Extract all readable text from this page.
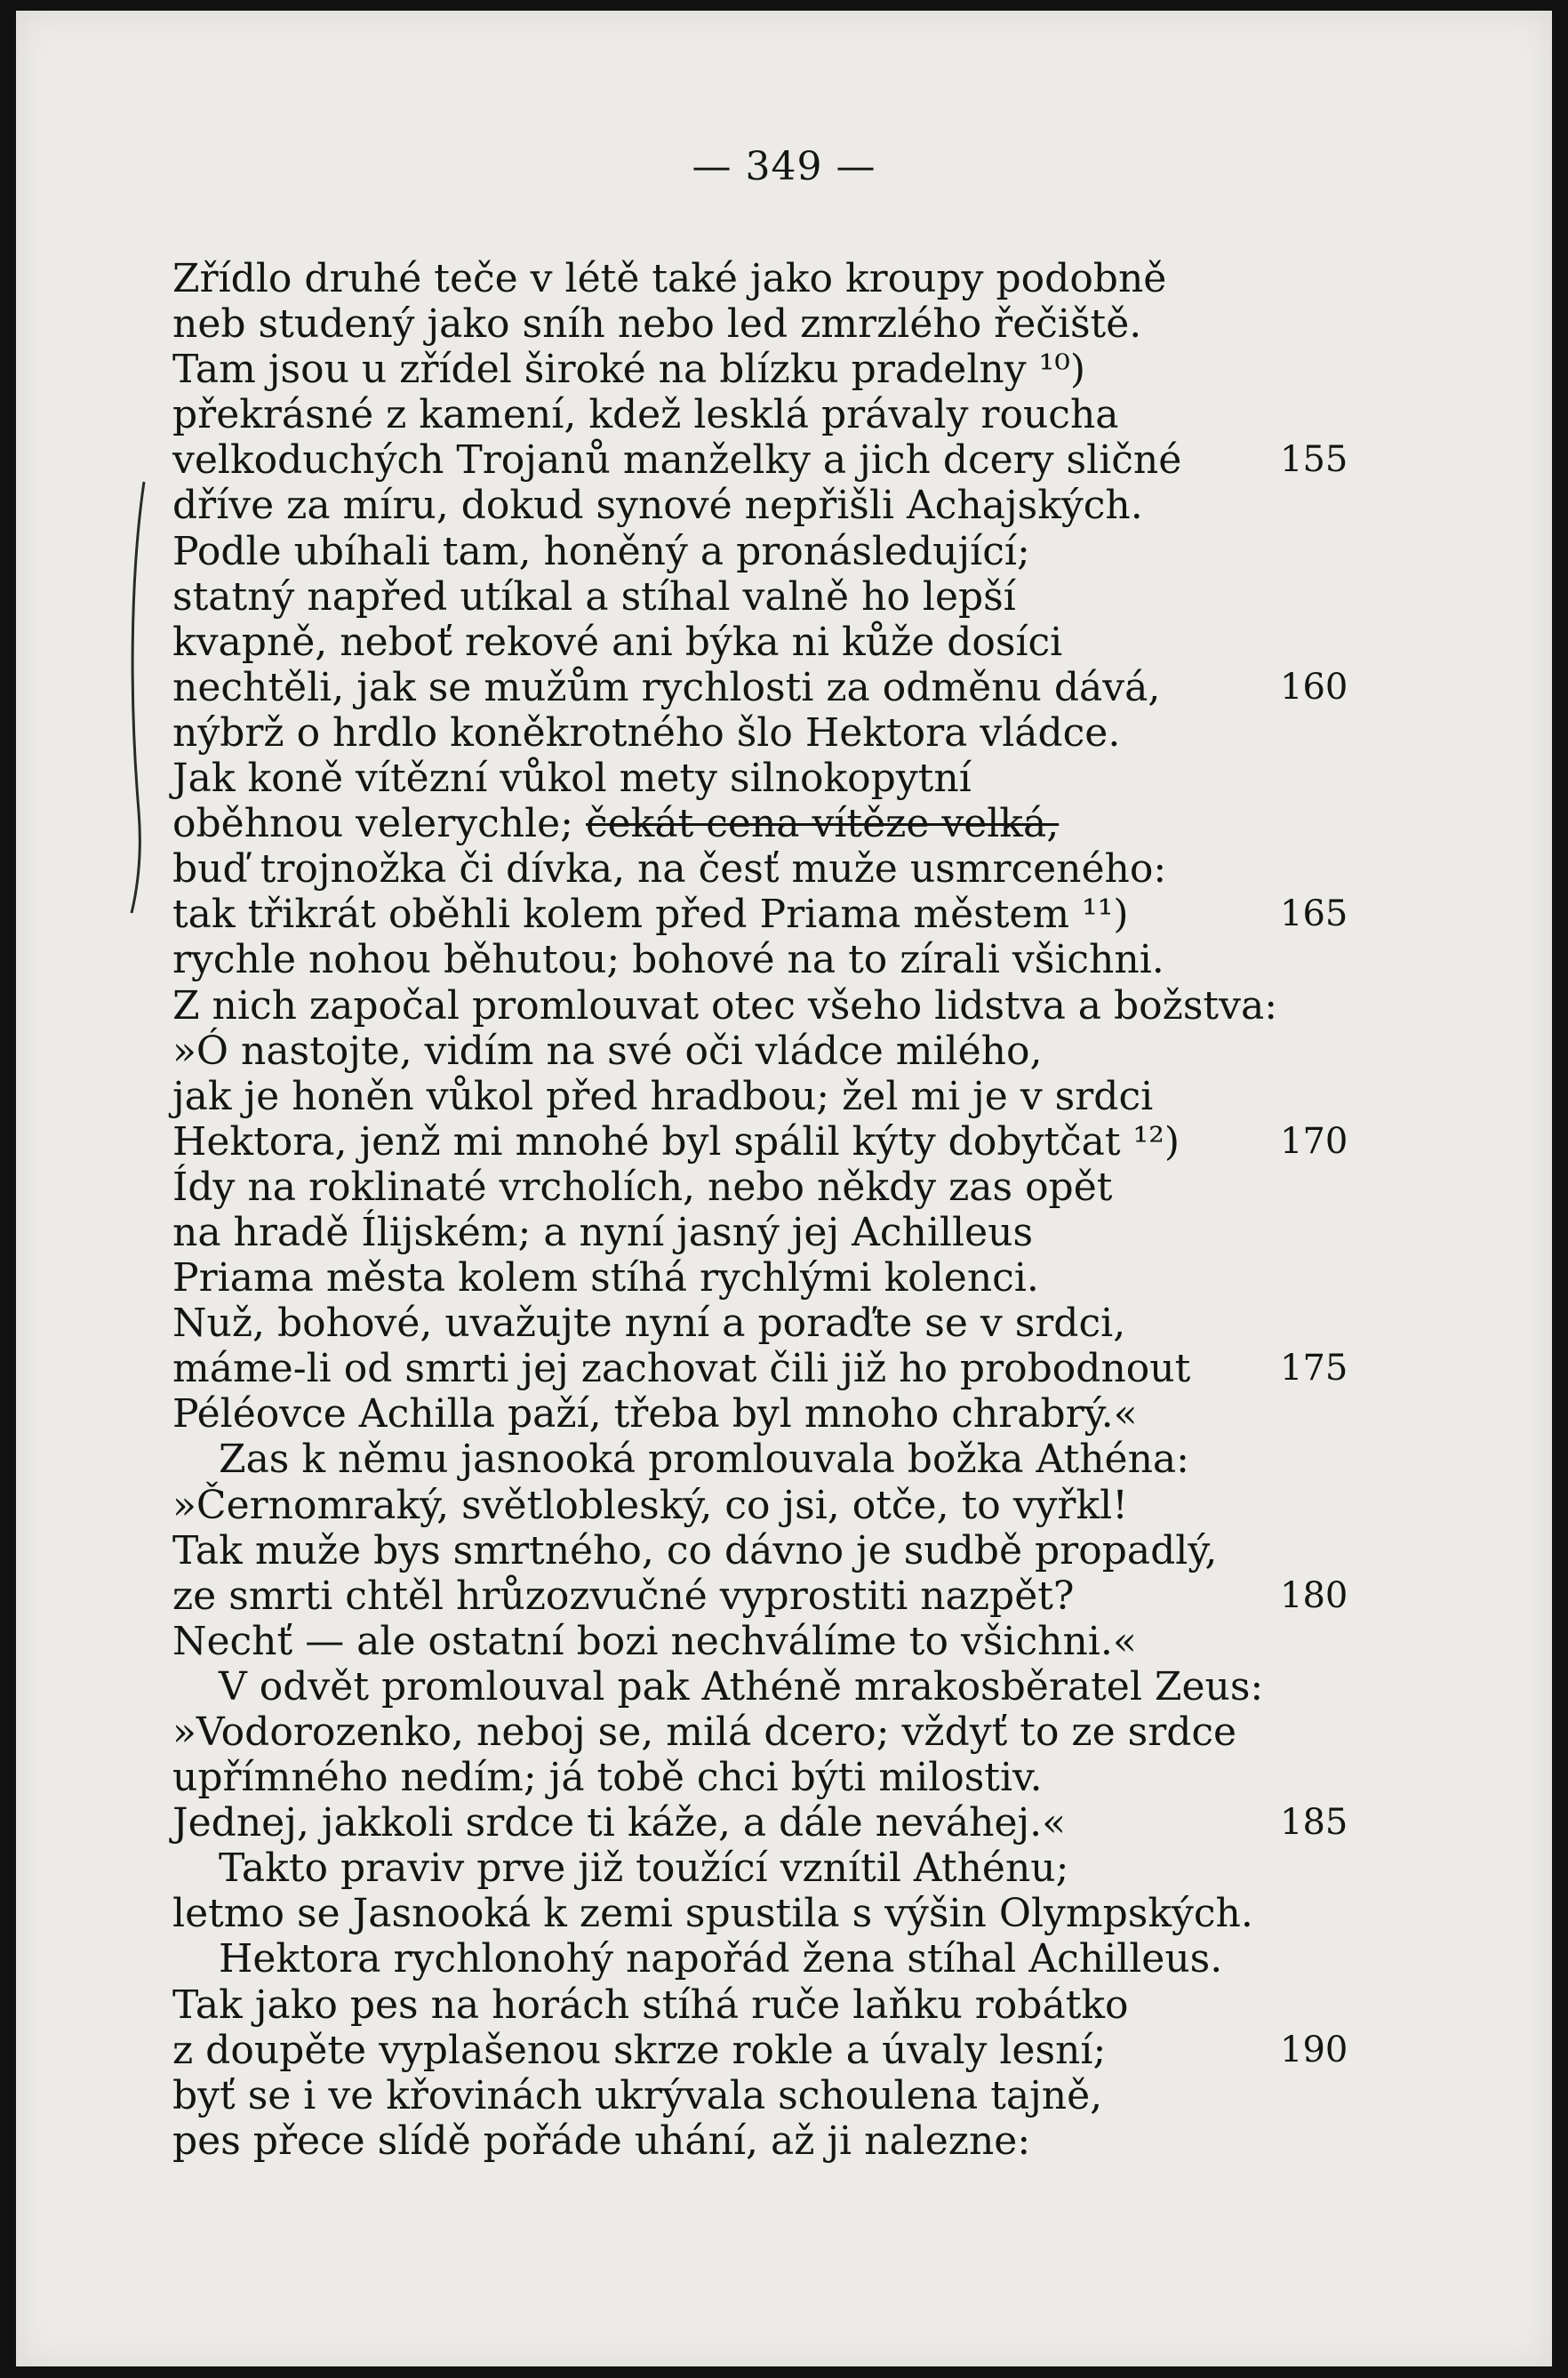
— 349 —
Zřídlo druhé teče v létě také jako kroupy podobně
neb studený jako sníh nebo led zmrzlého řečiště.
Tam jsou u zřídel široké na blízku pradelny ¹⁰)
překrásné z kamení, kdež lesklá právaly roucha
velkoduchých Trojanů manželky a jich dcery sličné	155
dříve za míru, dokud synové nepřišli Achajských.
Podle ubíhali tam, honěný a pronásledující;
statný napřed utíkal a stíhal valně ho lepší
kvapně, neboť rekové ani býka ni kůže dosíci
nechtěli, jak se mužům rychlosti za odměnu dává,	160
nýbrž o hrdlo koněkrotného šlo Hektora vládce.
Jak koně vítězní vůkol mety silnokopytní
oběhnou velerychle; čekát cena vítěze velká,
buď trojnožka či dívka, na česť muže usmrceného:
tak třikrát oběhli kolem před Priama městem ¹¹)	165
rychle nohou běhutou; bohové na to zírali všichni.
Z nich započal promlouvat otec všeho lidstva a božstva:
»Ó nastojte, vidím na své oči vládce milého,
jak je honěn vůkol před hradbou; žel mi je v srdci
Hektora, jenž mi mnohé byl spálil kýty dobytčat ¹²)	170
Ídy na roklinaté vrcholích, nebo někdy zas opět
na hradě Ílijském; a nyní jasný jej Achilleus
Priama města kolem stíhá rychlými kolenci.
Nuž, bohové, uvažujte nyní a poraďte se v srdci,
máme-li od smrti jej zachovat čili již ho probodnout	175
Péléovce Achilla paží, třeba byl mnoho chrabrý.«
Zas k němu jasnooká promlouvala božka Athéna:
»Černomraký, světlobleský, co jsi, otče, to vyřkl!
Tak muže bys smrtného, co dávno je sudbě propadlý,
ze smrti chtěl hrůzozvučné vyprostiti nazpět?	180
Nechť — ale ostatní bozi nechválíme to všichni.«
V odvět promlouval pak Athéně mrakosběratel Zeus:
»Vodorozenko, neboj se, milá dcero; vždyť to ze srdce
upřímného nedím; já tobě chci býti milostiv.
Jednej, jakkoli srdce ti káže, a dále neváhej.«	185
Takto praviv prve již toužící vznítil Athénu;
letmo se Jasnooká k zemi spustila s výšin Olympských.
Hektora rychlonohý napořád žena stíhal Achilleus.
Tak jako pes na horách stíhá ruče laňku robátko
z doupěte vyplašenou skrze rokle a úvaly lesní;	190
byť se i ve křovinách ukrývala schoulena tajně,
pes přece slídě pořáde uhání, až ji nalezne:
